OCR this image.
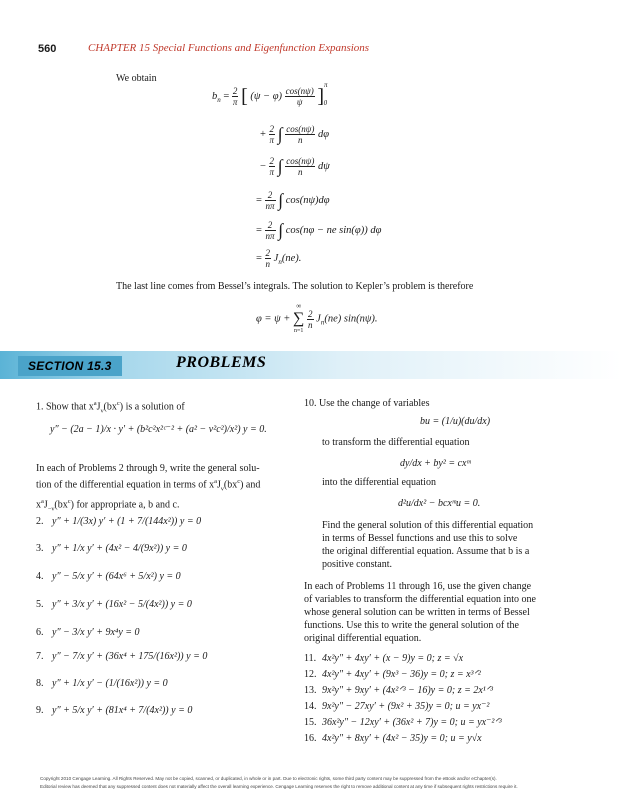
560	CHAPTER 15 Special Functions and Eigenfunction Expansions
We obtain
$b_n = \frac{2}{\pi}$ [ $(\psi - \varphi) \frac{\cos(n\psi)}{\psi} ]^\pi_0$
+ $\frac{2}{\pi}$ ∫ $\frac{\cos(n\psi)}{n}$ dφ
− $\frac{2}{\pi}$ ∫ $\frac{\cos(n\psi)}{n}$ dψ
= $\frac{2}{n\pi}$ ∫ cos(nψ)dφ
= $\frac{2}{n\pi}$ ∫ cos(nφ − ne sin(φ)) dφ
= $\frac{2}{n} J_n(ne)$.
The last line comes from Bessel’s integrals. The solution to Kepler’s problem is therefore
φ = ψ +
∞
∑
n=1

$\frac{2}{n} J_n(ne)$ sin(nψ).
SECTION 15.3	PROBLEMS
1. Show that $x^aJ_\nu(bx^c)$ is a solution of
y″ − (2a − 1)/x · y′ + (b²c²x²ᶜ⁻² + (a² − ν²c²)/x²) y = 0.
In each of Problems 2 through 9, write the general solu-
tion of the differential equation in terms of $x^aJ_\nu(bx^c)$ and
$x^aJ_{-\nu}(bx^c)$ for appropriate a, b and c.
2. y″ + 1/(3x) y′ + (1 + 7/(144x²)) y = 0
3. y″ + 1/x y′ + (4x² − 4/(9x²)) y = 0
4. y″ − 5/x y′ + (64x⁶ + 5/x²) y = 0
5. y″ + 3/x y′ + (16x² − 5/(4x²)) y = 0
6. y″ − 3/x y′ + 9x⁴y = 0
7. y″ − 7/x y′ + (36x⁴ + 175/(16x²)) y = 0
8. y″ + 1/x y′ − (1/(16x²)) y = 0
9. y″ + 5/x y′ + (81x⁴ + 7/(4x²)) y = 0
10. Use the change of variables
bu = (1/u)(du/dx)
to transform the differential equation
dy/dx + by² = cxᵐ
into the differential equation
d²u/dx² − bcxᵐu = 0.
Find the general solution of this differential equation
in terms of Bessel functions and use this to solve
the original differential equation. Assume that b is a
positive constant.
In each of Problems 11 through 16, use the given change
of variables to transform the differential equation into one
whose general solution can be written in terms of Bessel
functions. Use this to write the general solution of the
original differential equation.
11. 4x²y″ + 4xy′ + (x − 9)y = 0; z = √x
12. 4x²y″ + 4xy′ + (9x³ − 36)y = 0; z = x³ᐟ²
13. 9x²y″ + 9xy′ + (4x²ᐟ³ − 16)y = 0; z = 2x¹ᐟ³
14. 9x²y″ − 27xy′ + (9x² + 35)y = 0; u = yx⁻²
15. 36x²y″ − 12xy′ + (36x² + 7)y = 0; u = yx⁻²ᐟ³
16. 4x²y″ + 8xy′ + (4x² − 35)y = 0; u = y√x
Copyright 2010 Cengage Learning. All Rights Reserved. May not be copied, scanned, or duplicated, in whole or in part. Due to electronic rights, some third party content may be suppressed from the eBook and/or eChapter(s).
Editorial review has deemed that any suppressed content does not materially affect the overall learning experience. Cengage Learning reserves the right to remove additional content at any time if subsequent rights restrictions require it.
